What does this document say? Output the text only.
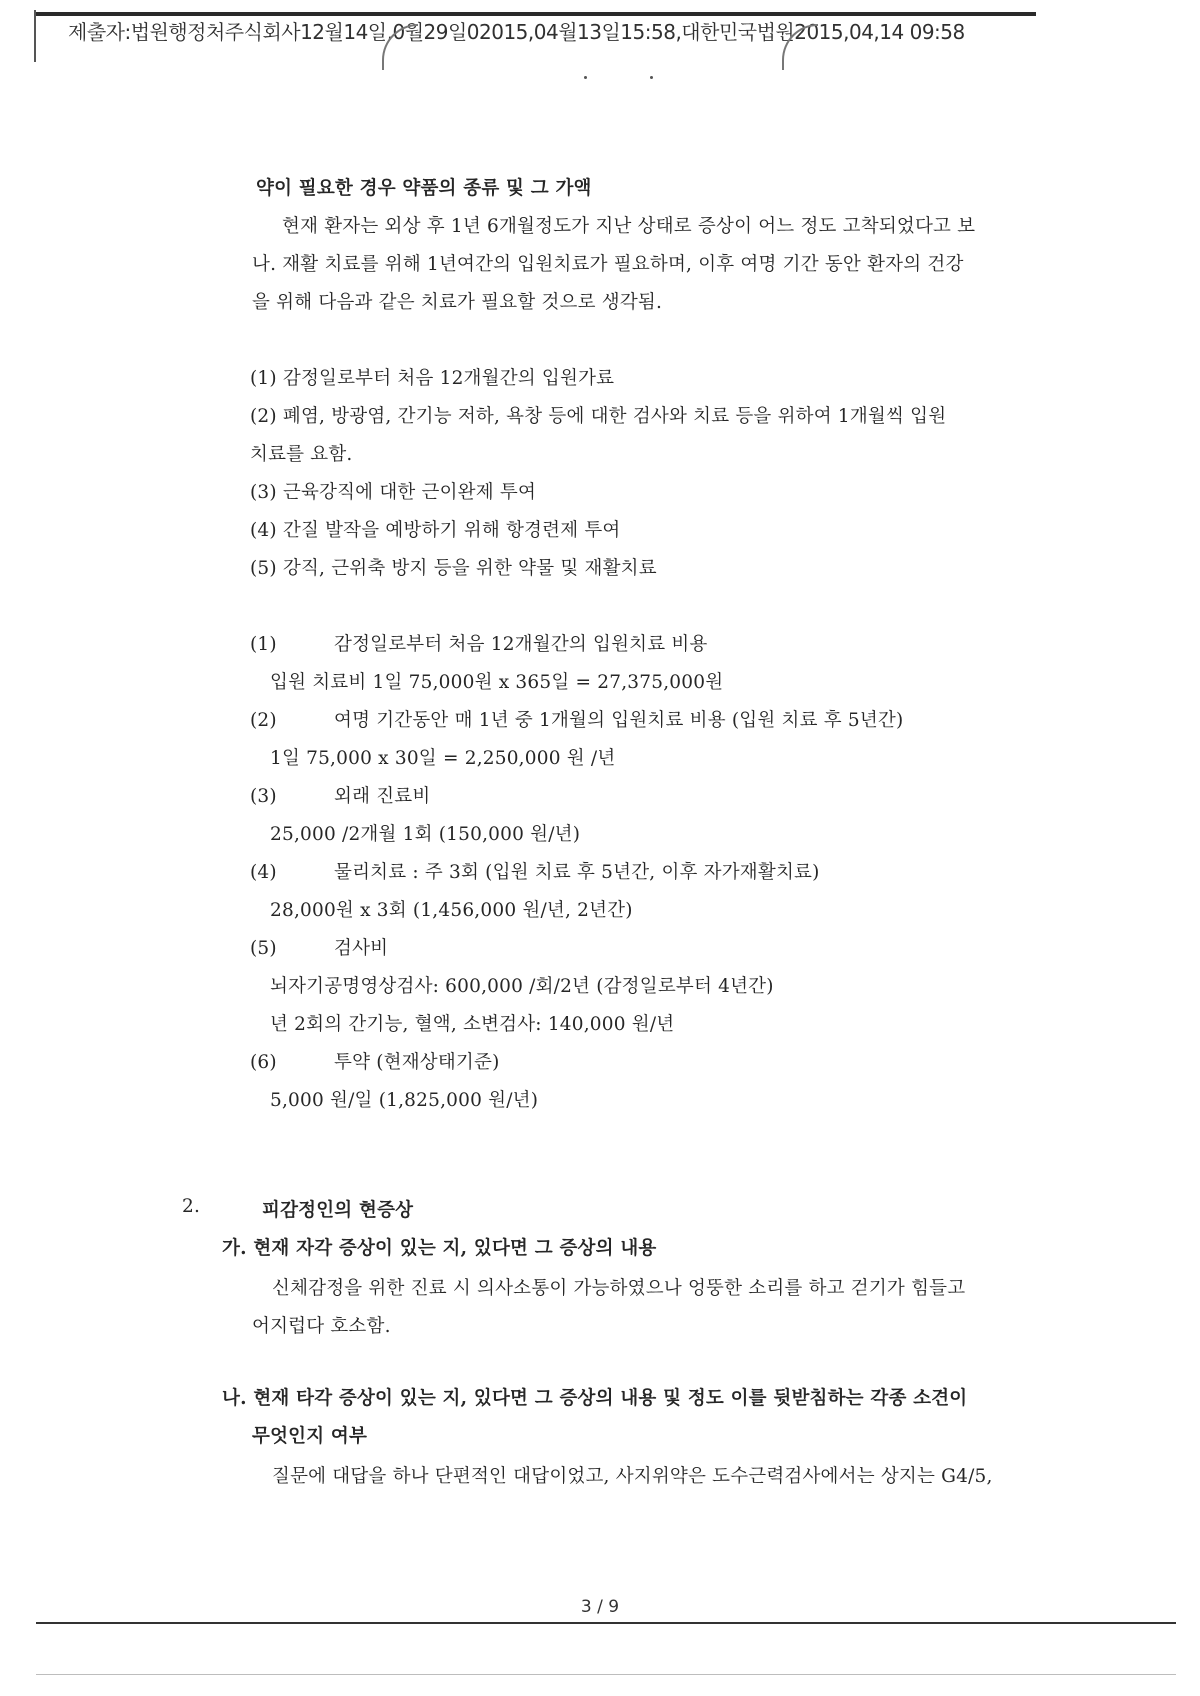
제출자:법원행정처주식회사12월14일,0월29일02015,04월13일15:58,대한민국법원2015,04,14 09:58
약이 필요한 경우 약품의 종류 및 그 가액
현재 환자는 외상 후 1년 6개월정도가 지난 상태로 증상이 어느 정도 고착되었다고 보
나. 재활 치료를 위해 1년여간의 입원치료가 필요하며, 이후 여명 기간 동안 환자의 건강
을 위해 다음과 같은 치료가 필요할 것으로 생각됨.
(1) 감정일로부터 처음 12개월간의 입원가료
(2) 폐염, 방광염, 간기능 저하, 욕창 등에 대한 검사와 치료 등을 위하여 1개월씩 입원
치료를 요함.
(3) 근육강직에 대한 근이완제 투여
(4) 간질 발작을 예방하기 위해 항경련제 투여
(5) 강직, 근위축 방지 등을 위한 약물 및 재활치료
(1)	감정일로부터 처음 12개월간의 입원치료 비용
입원 치료비 1일 75,000원 x 365일 = 27,375,000원
(2)	여명 기간동안 매 1년 중 1개월의 입원치료 비용 (입원 치료 후 5년간)
1일 75,000 x 30일 = 2,250,000 원 /년
(3)	외래 진료비
25,000 /2개월 1회 (150,000 원/년)
(4)	물리치료 : 주 3회 (입원 치료 후 5년간, 이후 자가재활치료)
28,000원 x 3회 (1,456,000 원/년, 2년간)
(5)	검사비
뇌자기공명영상검사: 600,000 /회/2년 (감정일로부터 4년간)
년 2회의 간기능, 혈액, 소변검사: 140,000 원/년
(6)	투약 (현재상태기준)
5,000 원/일 (1,825,000 원/년)
2.	피감정인의 현증상
가. 현재 자각 증상이 있는 지, 있다면 그 증상의 내용
신체감정을 위한 진료 시 의사소통이 가능하였으나 엉뚱한 소리를 하고 걷기가 힘들고
어지럽다 호소함.
나. 현재 타각 증상이 있는 지, 있다면 그 증상의 내용 및 정도 이를 뒷받침하는 각종 소견이
무엇인지 여부
질문에 대답을 하나 단편적인 대답이었고, 사지위약은 도수근력검사에서는 상지는 G4/5,
3 / 9
